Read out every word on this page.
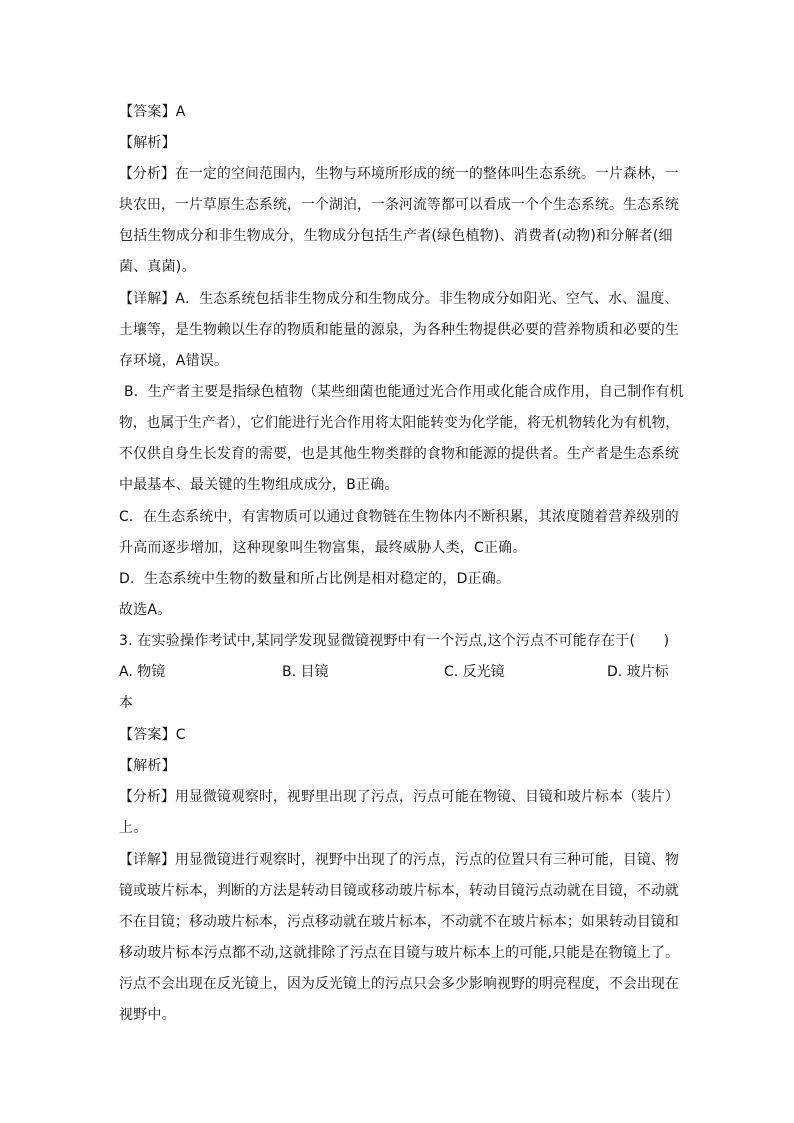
【答案】A
【解析】
【分析】在一定的空间范围内，生物与环境所形成的统一的整体叫生态系统。一片森林，一
块农田，一片草原生态系统，一个湖泊，一条河流等都可以看成一个个生态系统。生态系统
包括生物成分和非生物成分，生物成分包括生产者(绿色植物)、消费者(动物)和分解者(细
菌、真菌)。
【详解】A．生态系统包括非生物成分和生物成分。非生物成分如阳光、空气、水、温度、
土壤等，是生物赖以生存的物质和能量的源泉，为各种生物提供必要的营养物质和必要的生
存环境，A错误。
B．生产者主要是指绿色植物（某些细菌也能通过光合作用或化能合成作用，自己制作有机
物，也属于生产者），它们能进行光合作用将太阳能转变为化学能，将无机物转化为有机物，
不仅供自身生长发育的需要，也是其他生物类群的食物和能源的提供者。生产者是生态系统
中最基本、最关键的生物组成成分，B正确。
C．在生态系统中，有害物质可以通过食物链在生物体内不断积累，其浓度随着营养级别的
升高而逐步增加，这种现象叫生物富集，最终威胁人类，C正确。
D．生态系统中生物的数量和所占比例是相对稳定的，D正确。
故选A。
3. 在实验操作考试中,某同学发现显微镜视野中有一个污点,这个污点不可能存在于(　　)
A. 物镜	B. 目镜	C. 反光镜	D. 玻片标
本
【答案】C
【解析】
【分析】用显微镜观察时，视野里出现了污点，污点可能在物镜、目镜和玻片标本（装片）
上。
【详解】用显微镜进行观察时，视野中出现了的污点，污点的位置只有三种可能，目镜、物
镜或玻片标本，判断的方法是转动目镜或移动玻片标本，转动目镜污点动就在目镜，不动就
不在目镜；移动玻片标本，污点移动就在玻片标本，不动就不在玻片标本；如果转动目镜和
移动玻片标本污点都不动,这就排除了污点在目镜与玻片标本上的可能,只能是在物镜上了。
污点不会出现在反光镜上，因为反光镜上的污点只会多少影响视野的明亮程度，不会出现在
视野中。
